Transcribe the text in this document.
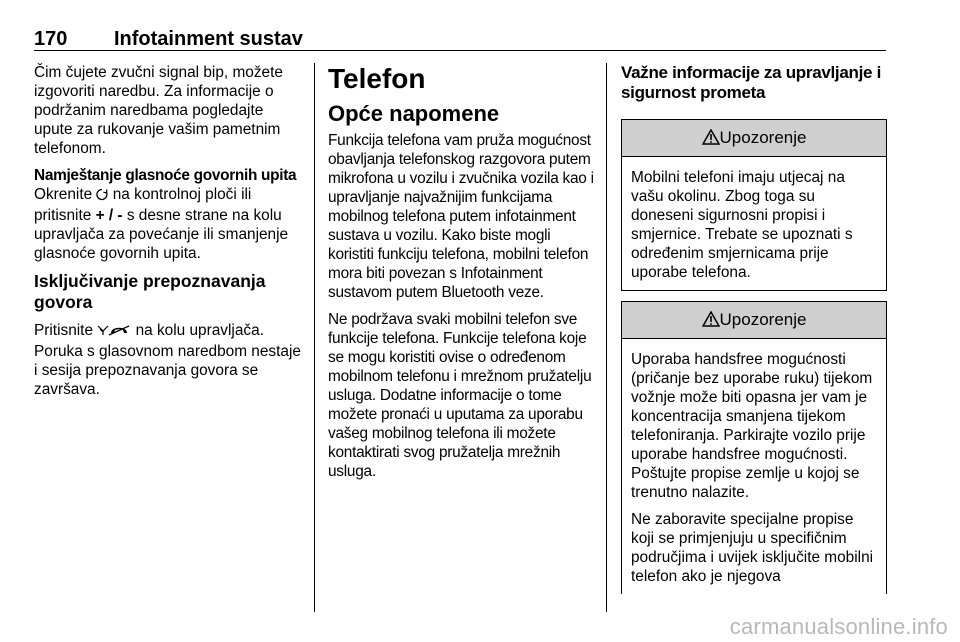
170 Infotainment sustav

Čim čujete zvučni signal bip, možete izgovoriti naredbu. Za informacije o podržanim naredbama pogledajte upute za rukovanje vašim pametnim telefonom.

Namještanje glasnoće govornih upita

Okrenite na kontrolnoj ploči ili pritisnite + / - s desne strane na kolu upravljača za povećanje ili smanjenje glasnoće govornih upita.

Isključivanje prepoznavanja govora

Pritisnite	na kolu upravljača. Poruka s glasovnom naredbom nestaje i sesija prepoznavanja govora se završava.

Telefon
Opće napomene

Funkcija telefona vam pruža mogućnost obavljanja telefonskog razgovora putem mikrofona u vozilu i zvučnika vozila kao i upravljanje najvažnijim funkcijama mobilnog telefona putem infotainment sustava u vozilu. Kako biste mogli koristiti funkciju telefona, mobilni telefon mora biti povezan s Infotainment sustavom putem Bluetooth veze.

Ne podržava svaki mobilni telefon sve funkcije telefona. Funkcije telefona koje se mogu koristiti ovise o određenom mobilnom telefonu i mrežnom pružatelju usluga. Dodatne informacije o tome možete pronaći u uputama za uporabu vašeg mobilnog telefona ili možete kontaktirati svog pružatelja mrežnih usluga.

Važne informacije za upravljanje i sigurnost prometa
Upozorenje
Mobilni telefoni imaju utjecaj na vašu okolinu. Zbog toga su doneseni sigurnosni propisi i smjernice. Trebate se upoznati s određenim smjernicama prije uporabe telefona.
Upozorenje

Uporaba handsfree mogućnosti (pričanje bez uporabe ruku) tijekom vožnje može biti opasna jer vam je koncentracija smanjena tijekom telefoniranja. Parkirajte vozilo prije uporabe handsfree mogućnosti. Poštujte propise zemlje u kojoj se trenutno nalazite.

Ne zaboravite specijalne propise koji se primjenjuju u specifičnim područjima i uvijek isključite mobilni telefon ako je njegova

carmanualsonline.info
